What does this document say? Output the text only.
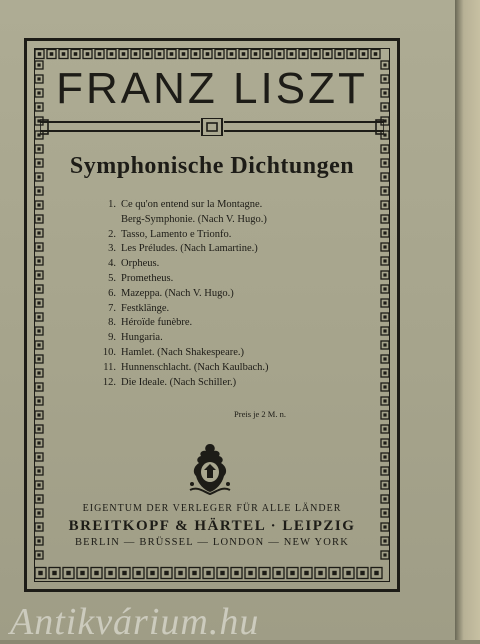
FRANZ LISZT
Symphonische Dichtungen
1. Ce qu'on entend sur la Montagne.
Berg-Symphonie. (Nach V. Hugo.)
2. Tasso, Lamento e Trionfo.
3. Les Préludes. (Nach Lamartine.)
4. Orpheus.
5. Prometheus.
6. Mazeppa. (Nach V. Hugo.)
7. Festklänge.
8. Héroïde funèbre.
9. Hungaria.
10. Hamlet. (Nach Shakespeare.)
11. Hunnenschlacht. (Nach Kaulbach.)
12. Die Ideale. (Nach Schiller.)
Preis je 2 M. n.
EIGENTUM DER VERLEGER FÜR ALLE LÄNDER
BREITKOPF & HÄRTEL · LEIPZIG
BERLIN — BRÜSSEL — LONDON — NEW YORK
Antikvárium.hu
